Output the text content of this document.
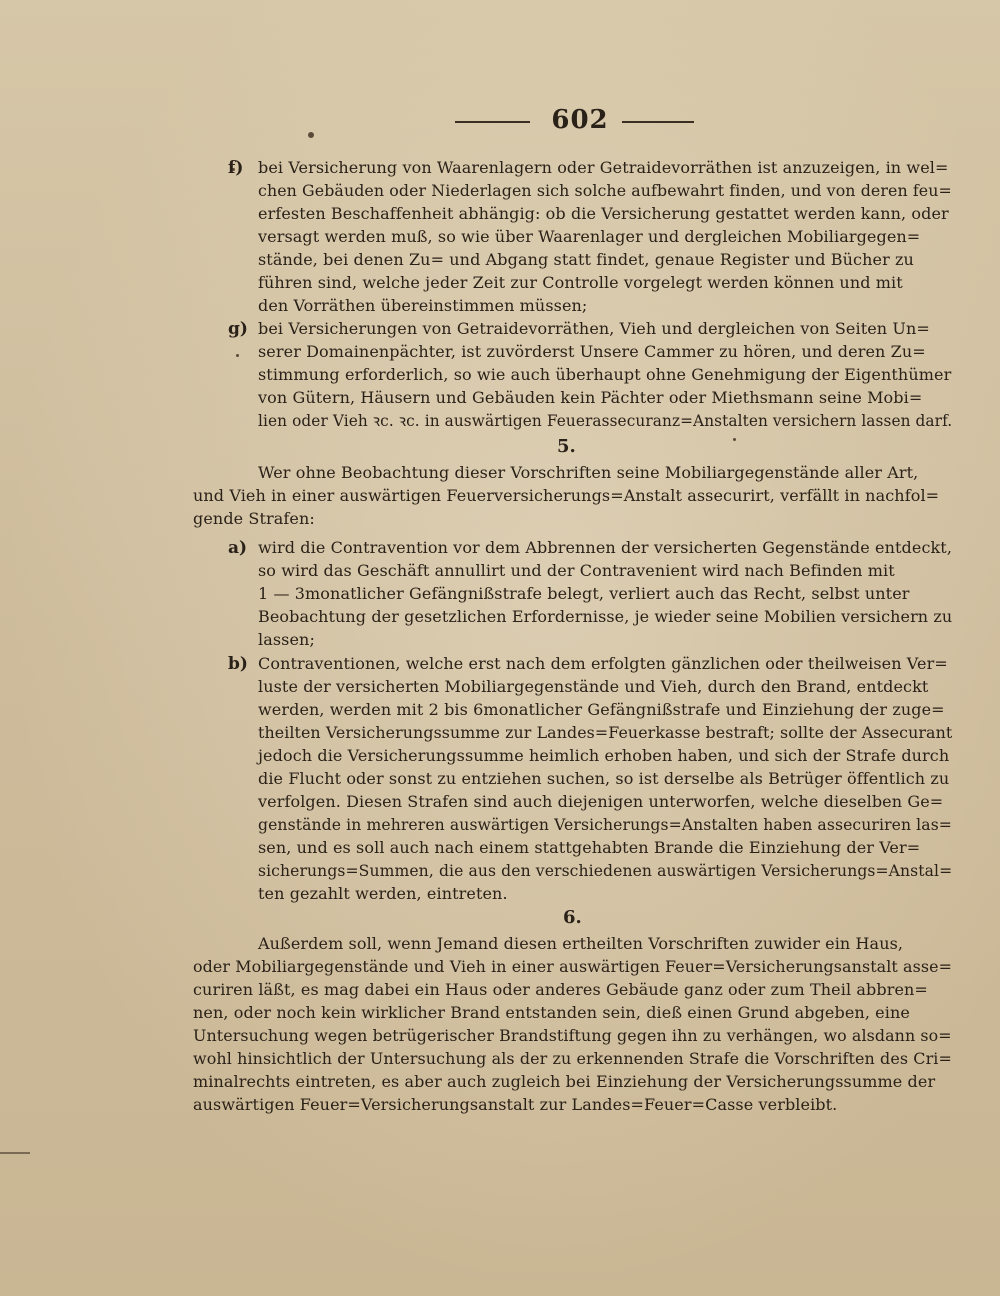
602
f) bei Versicherung von Waarenlagern oder Getraidevorräthen ist anzuzeigen, in wel=
chen Gebäuden oder Niederlagen sich solche aufbewahrt finden, und von deren feu=
erfesten Beschaffenheit abhängig: ob die Versicherung gestattet werden kann, oder
versagt werden muß, so wie über Waarenlager und dergleichen Mobiliargegen=
stände, bei denen Zu= und Abgang statt findet, genaue Register und Bücher zu
führen sind, welche jeder Zeit zur Controlle vorgelegt werden können und mit
den Vorräthen übereinstimmen müssen;
g) bei Versicherungen von Getraidevorräthen, Vieh und dergleichen von Seiten Un=
serer Domainenpächter, ist zuvörderst Unsere Cammer zu hören, und deren Zu=
stimmung erforderlich, so wie auch überhaupt ohne Genehmigung der Eigenthümer
von Gütern, Häusern und Gebäuden kein Pächter oder Miethsmann seine Mobi=
lien oder Vieh ꝛc. ꝛc. in auswärtigen Feuerassecuranz=Anstalten versichern lassen darf.
5.
Wer ohne Beobachtung dieser Vorschriften seine Mobiliargegenstände aller Art,
und Vieh in einer auswärtigen Feuerversicherungs=Anstalt assecurirt, verfällt in nachfol=
gende Strafen:
a) wird die Contravention vor dem Abbrennen der versicherten Gegenstände entdeckt,
so wird das Geschäft annullirt und der Contravenient wird nach Befinden mit
1 — 3monatlicher Gefängnißstrafe belegt, verliert auch das Recht, selbst unter
Beobachtung der gesetzlichen Erfordernisse, je wieder seine Mobilien versichern zu
lassen;
b) Contraventionen, welche erst nach dem erfolgten gänzlichen oder theilweisen Ver=
luste der versicherten Mobiliargegenstände und Vieh, durch den Brand, entdeckt
werden, werden mit 2 bis 6monatlicher Gefängnißstrafe und Einziehung der zuge=
theilten Versicherungssumme zur Landes=Feuerkasse bestraft; sollte der Assecurant
jedoch die Versicherungssumme heimlich erhoben haben, und sich der Strafe durch
die Flucht oder sonst zu entziehen suchen, so ist derselbe als Betrüger öffentlich zu
verfolgen. Diesen Strafen sind auch diejenigen unterworfen, welche dieselben Ge=
genstände in mehreren auswärtigen Versicherungs=Anstalten haben assecuriren las=
sen, und es soll auch nach einem stattgehabten Brande die Einziehung der Ver=
sicherungs=Summen, die aus den verschiedenen auswärtigen Versicherungs=Anstal=
ten gezahlt werden, eintreten.
6.
Außerdem soll, wenn Jemand diesen ertheilten Vorschriften zuwider ein Haus,
oder Mobiliargegenstände und Vieh in einer auswärtigen Feuer=Versicherungsanstalt asse=
curiren läßt, es mag dabei ein Haus oder anderes Gebäude ganz oder zum Theil abbren=
nen, oder noch kein wirklicher Brand entstanden sein, dieß einen Grund abgeben, eine
Untersuchung wegen betrügerischer Brandstiftung gegen ihn zu verhängen, wo alsdann so=
wohl hinsichtlich der Untersuchung als der zu erkennenden Strafe die Vorschriften des Cri=
minalrechts eintreten, es aber auch zugleich bei Einziehung der Versicherungssumme der
auswärtigen Feuer=Versicherungsanstalt zur Landes=Feuer=Casse verbleibt.
